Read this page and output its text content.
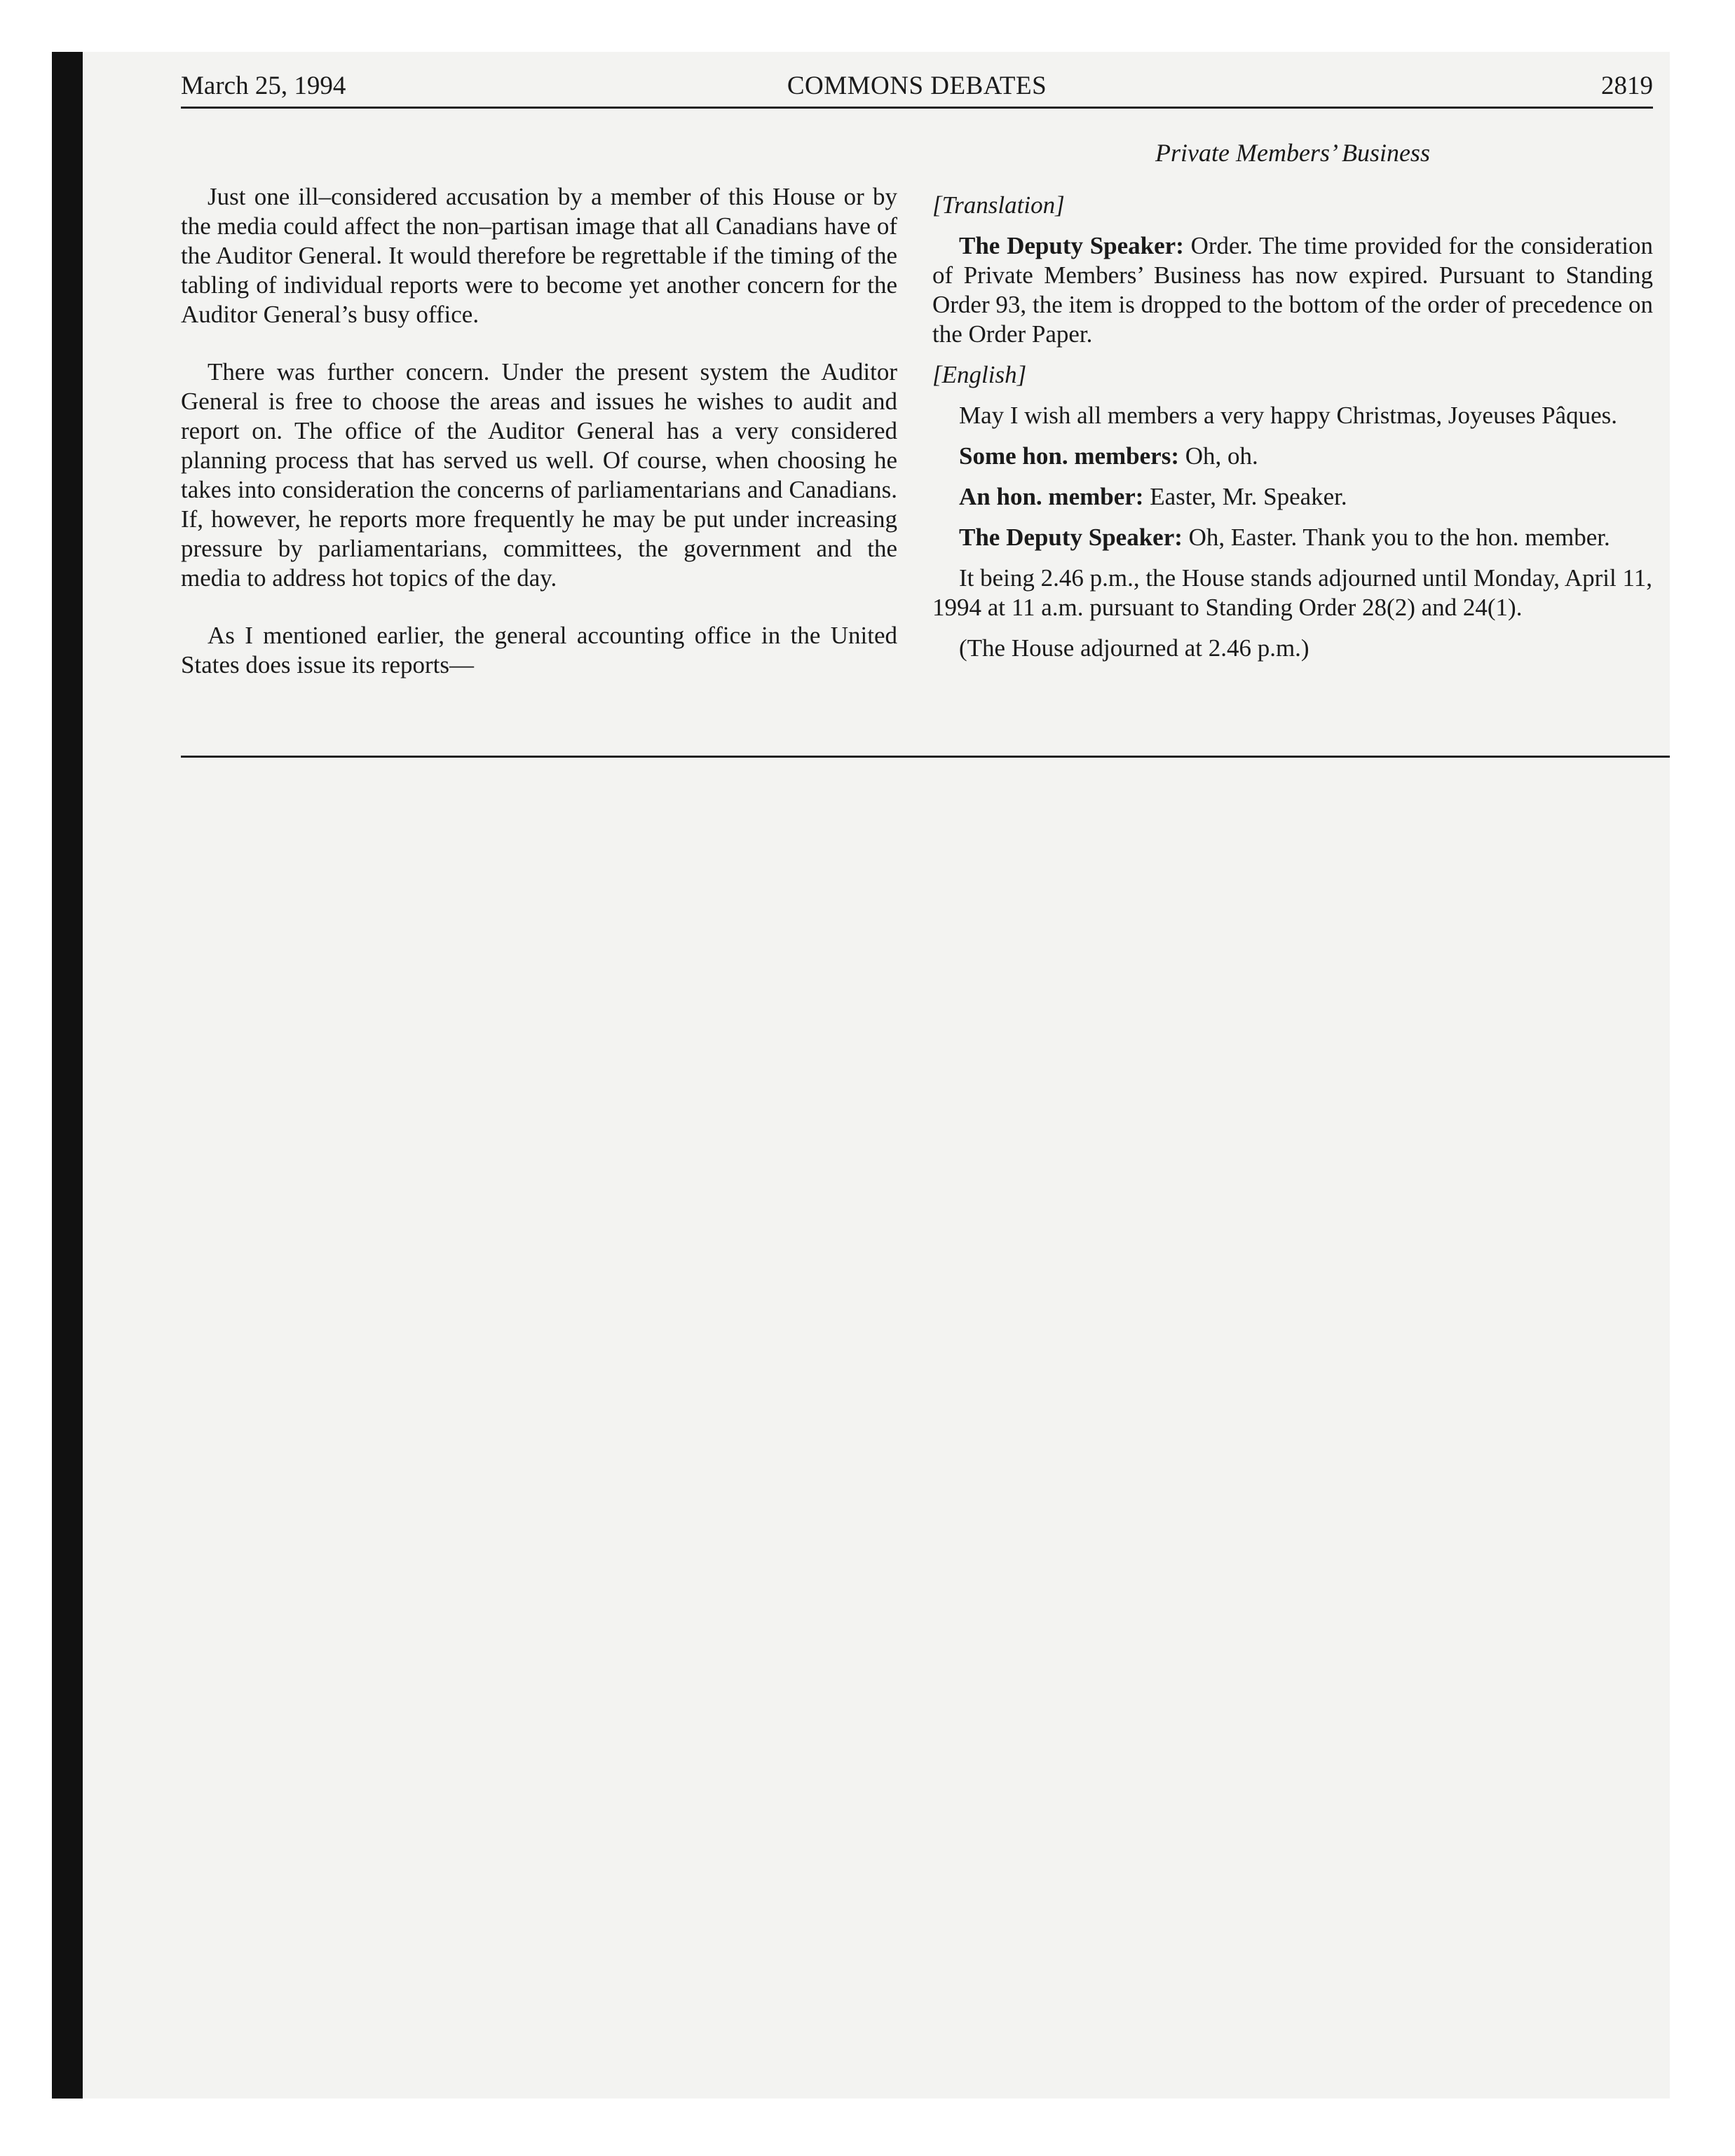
March 25, 1994	COMMONS DEBATES	2819
Private Members’ Business

Just one ill–considered accusation by a member of this House or by the media could affect the non–partisan image that all Canadians have of the Auditor General. It would therefore be regrettable if the timing of the tabling of individual reports were to become yet another concern for the Auditor General’s busy office.

There was further concern. Under the present system the Auditor General is free to choose the areas and issues he wishes to audit and report on. The office of the Auditor General has a very considered planning process that has served us well. Of course, when choosing he takes into consideration the concerns of parliamentarians and Canadians. If, however, he reports more frequently he may be put under increasing pressure by parliamentarians, committees, the government and the media to address hot topics of the day.

As I mentioned earlier, the general accounting office in the United States does issue its reports—

[Translation]

The Deputy Speaker: Order. The time provided for the consideration of Private Members’ Business has now expired. Pursuant to Standing Order 93, the item is dropped to the bottom of the order of precedence on the Order Paper.

[English]

May I wish all members a very happy Christmas, Joyeuses Pâques.

Some hon. members: Oh, oh.

An hon. member: Easter, Mr. Speaker.

The Deputy Speaker: Oh, Easter. Thank you to the hon. member.

It being 2.46 p.m., the House stands adjourned until Monday, April 11, 1994 at 11 a.m. pursuant to Standing Order 28(2) and 24(1).

(The House adjourned at 2.46 p.m.)
